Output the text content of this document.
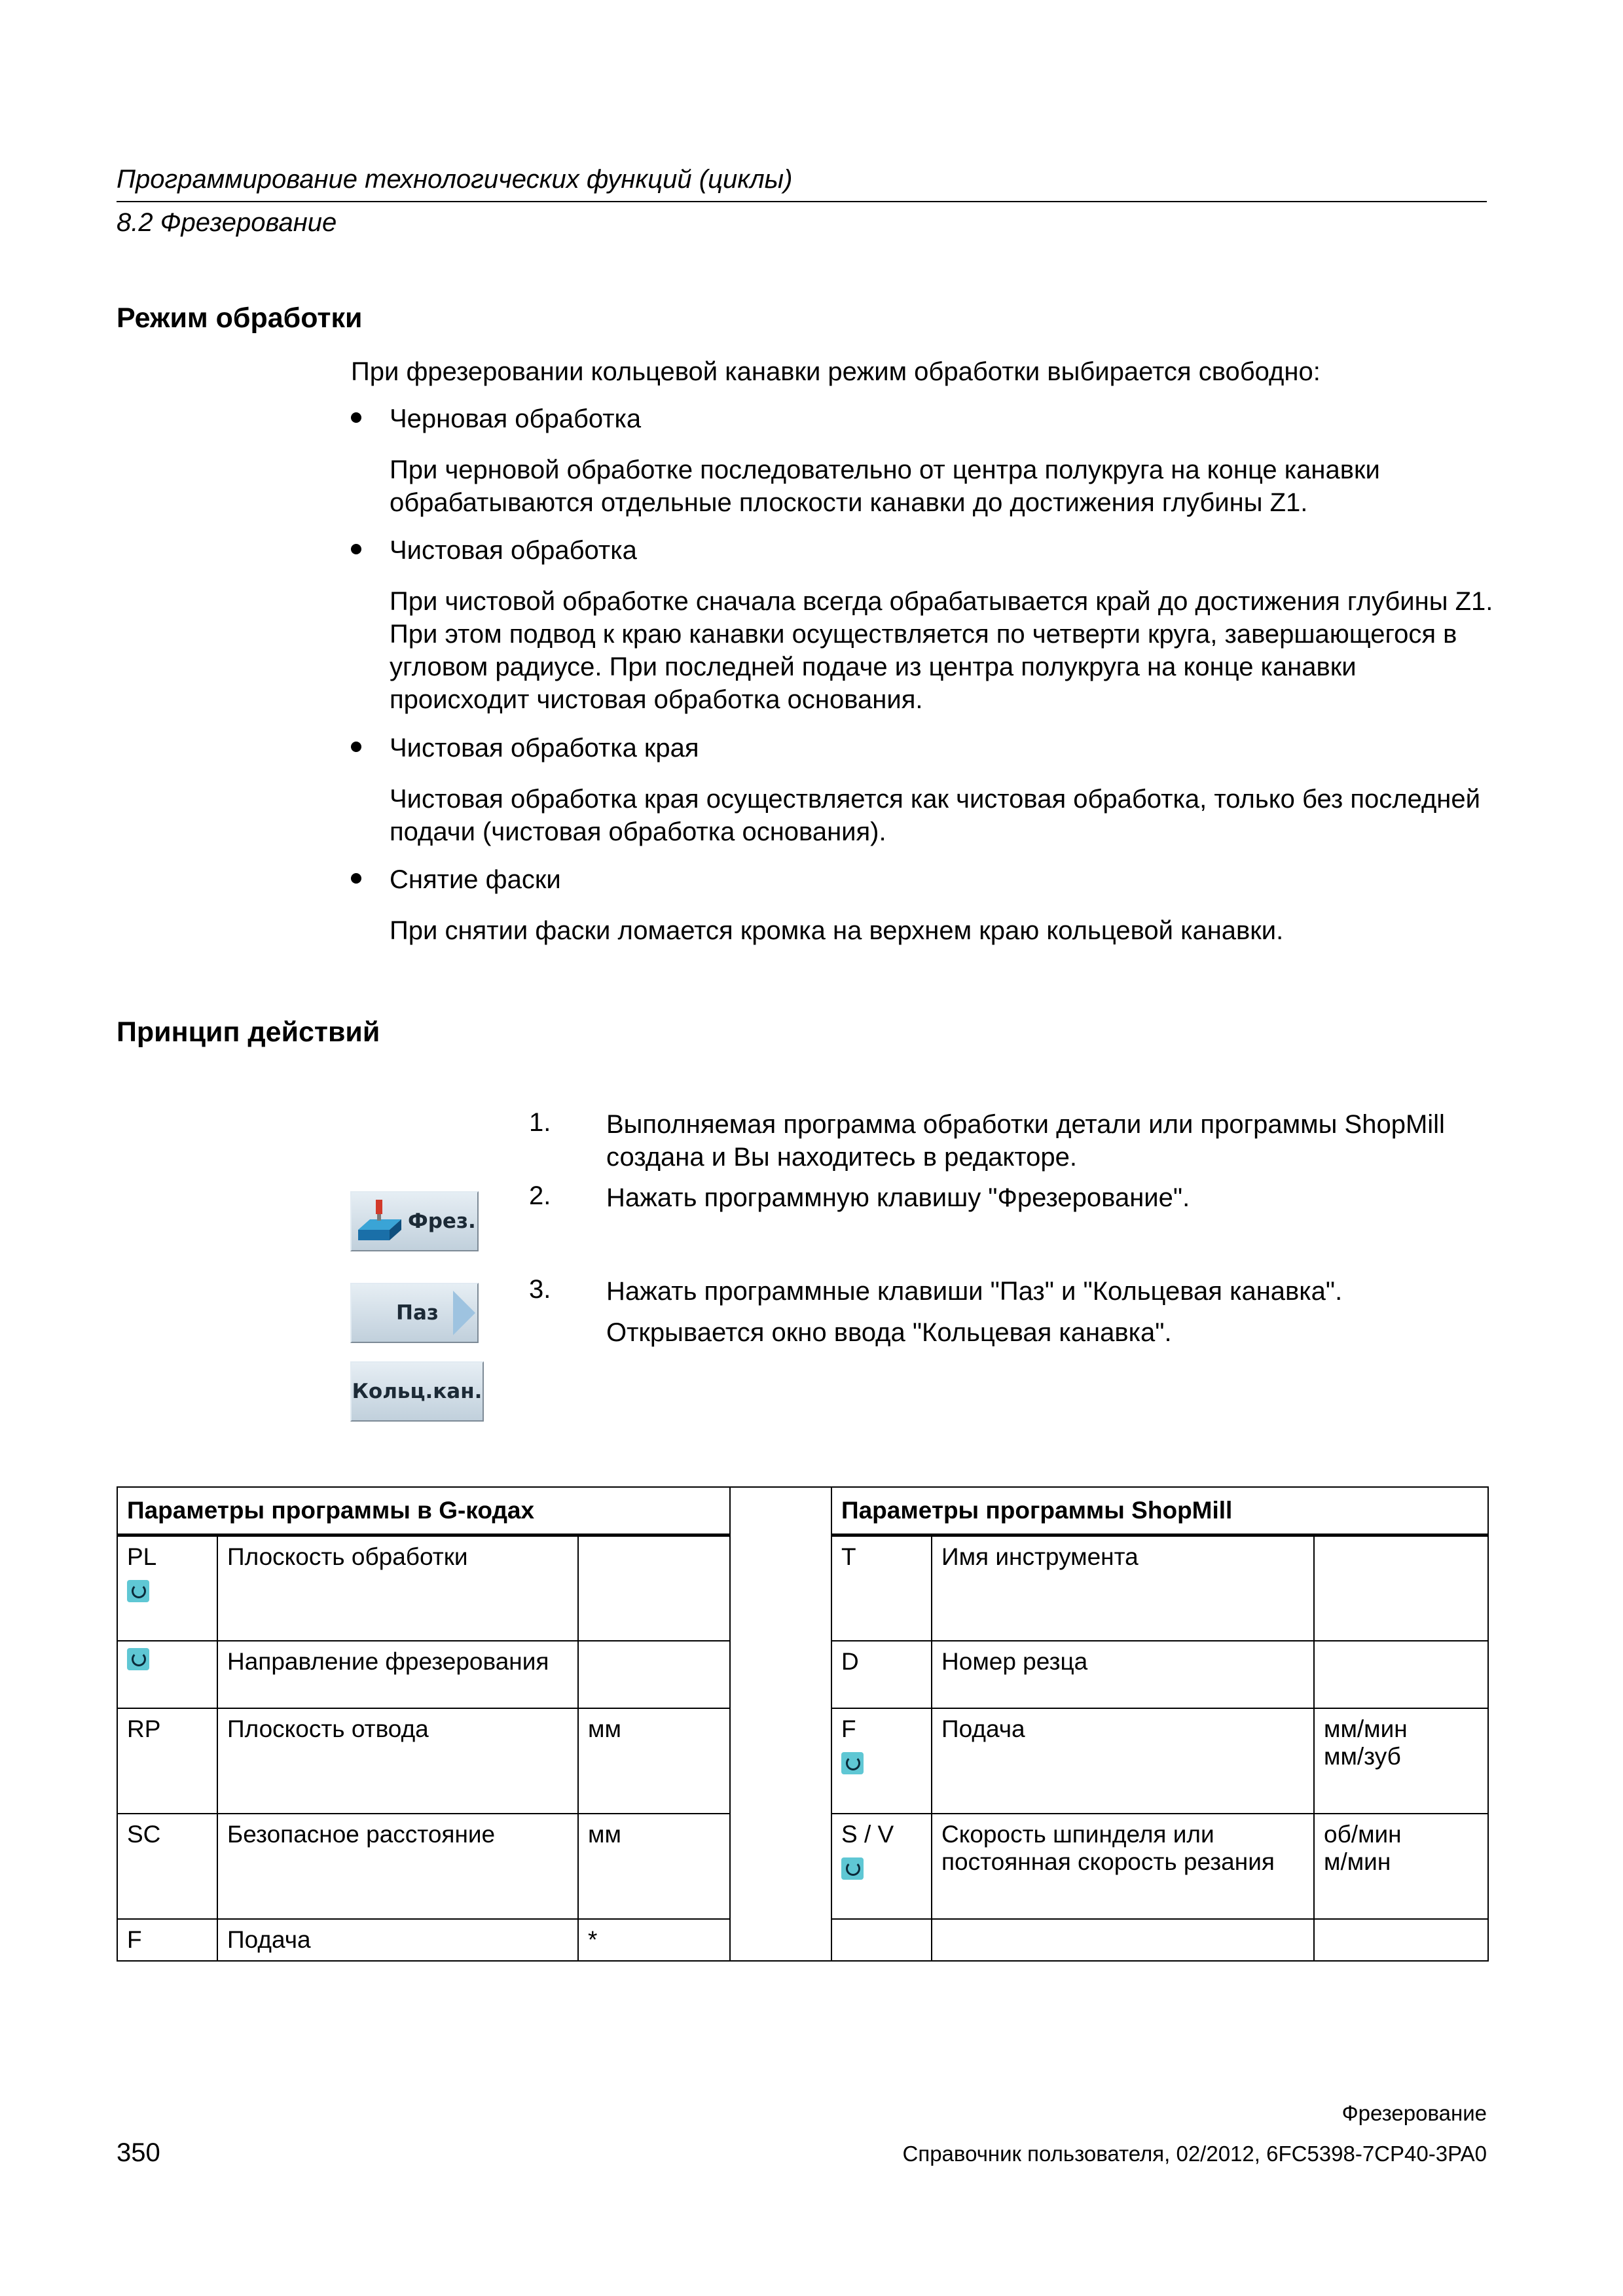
Программирование технологических функций (циклы)
8.2 Фрезерование
Режим обработки
При фрезеровании кольцевой канавки режим обработки выбирается свободно:
Черновая обработка
При черновой обработке последовательно от центра полукруга на конце канавки обрабатываются отдельные плоскости канавки до достижения глубины Z1.
Чистовая обработка
При чистовой обработке сначала всегда обрабатывается край до достижения глубины Z1. При этом подвод к краю канавки осуществляется по четверти круга, завершающегося в угловом радиусе. При последней подаче из центра полукруга на конце канавки происходит чистовая обработка основания.
Чистовая обработка края
Чистовая обработка края осуществляется как чистовая обработка, только без последней подачи (чистовая обработка основания).
Снятие фаски
При снятии фаски ломается кромка на верхнем краю кольцевой канавки.
Принцип действий
1. Выполняемая программа обработки детали или программы ShopMill создана и Вы находитесь в редакторе.
2. Нажать программную клавишу "Фрезерование".
3. Нажать программные клавиши "Паз" и "Кольцевая канавка".
Открывается окно ввода "Кольцевая канавка".
Фрез.
Паз
Кольц.кан.
Параметры программы в G-кодах				Параметры программы ShopMill		

PL	Плоскость обработки			T	Имя инструмента	
	Направление фрезерования			D	Номер резца	
RP	Плоскость отвода	мм		F	Подача	мм/мин
мм/зуб
SC	Безопасное расстояние	мм		S / V	Скорость шпинделя или постоянная скорость резания	об/мин
м/мин
F	Подача	*				
Фрезерование
350	Справочник пользователя, 02/2012, 6FC5398-7CP40-3PA0
